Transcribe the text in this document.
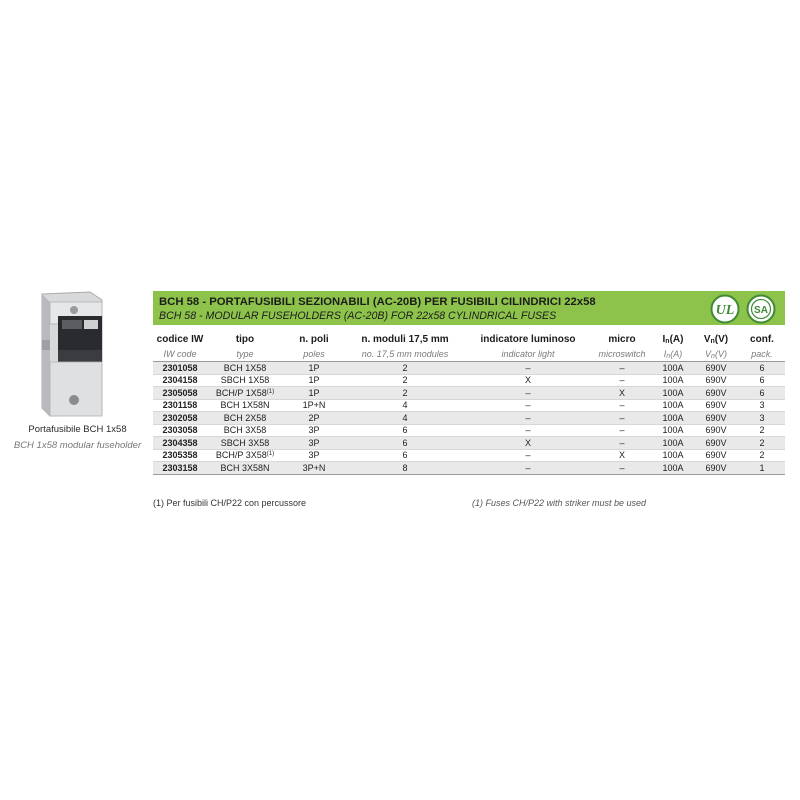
Portafusibile BCH 1x58
BCH 1x58 modular fuseholder
BCH 58 - PORTAFUSIBILI SEZIONABILI (AC-20B) PER FUSIBILI CILINDRICI 22x58
BCH 58 - MODULAR FUSEHOLDERS (AC-20B) FOR 22x58 CYLINDRICAL FUSES	UL SA
codice IW	tipo	n. poli	n. moduli 17,5 mm	indicatore luminoso	micro	$I_n(A)$	$V_n(V)$	conf.
IW code	type	poles	no. 17,5 mm modules	indicator light	microswitch	$I_n(A)$	$V_n(V)$	pack.
2301058	BCH 1X58	1P	2	–	–	100A	690V	6
2304158	SBCH 1X58	1P	2	X	–	100A	690V	6
2305058	BCH/P 1X58$^{(1)}$	1P	2	–	X	100A	690V	6
2301158	BCH 1X58N	1P+N	4	–	–	100A	690V	3
2302058	BCH 2X58	2P	4	–	–	100A	690V	3
2303058	BCH 3X58	3P	6	–	–	100A	690V	2
2304358	SBCH 3X58	3P	6	X	–	100A	690V	2
2305358	BCH/P 3X58$^{(1)}$	3P	6	–	X	100A	690V	2
2303158	BCH 3X58N	3P+N	8	–	–	100A	690V	1
(1) Per fusibili CH/P22 con percussore	(1) Fuses CH/P22 with striker must be used
